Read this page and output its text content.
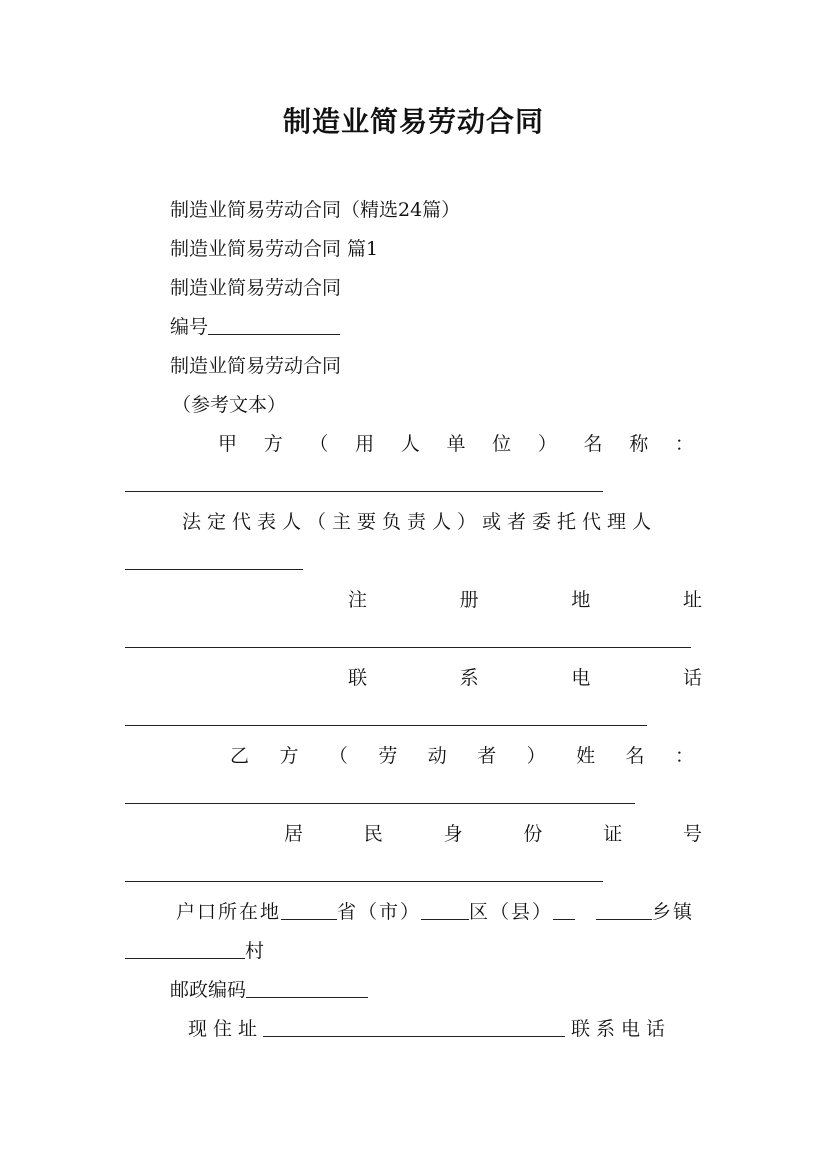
制造业简易劳动合同
制造业简易劳动合同（精选24篇）
制造业简易劳动合同 篇1
制造业简易劳动合同
编号
制造业简易劳动合同
（参考文本）
甲 方 （ 用 人 单 位 ） 名 称 ：
法定代表人（主要负责人）或者委托代理人
注	册	地	址
联	系	电	话
乙 方 （ 劳 动 者 ） 姓 名 ：
居	民	身	份	证	号
户口所在地	省（市）	区（县） 	乡镇
村
邮政编码
现住址	联系电话
